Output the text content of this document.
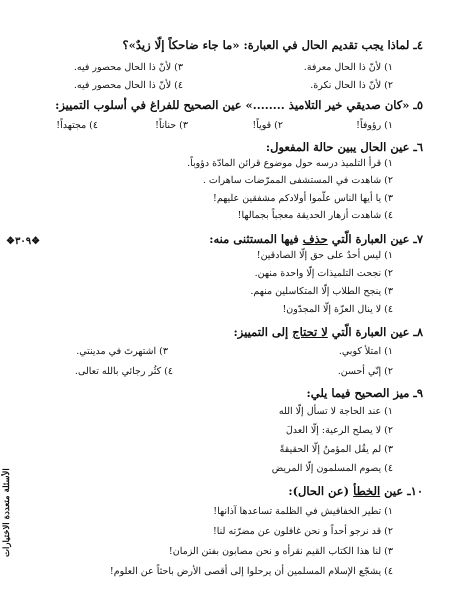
❖٣٠٩❖
الأسئلة متعددة الاختيارات
٤ـ لماذا يجب تقديم الحال في العبارة: «ما جاء ضاحكاً إلّا زيدٌ»؟
١) لأنّ ذا الحال معرفة.
٢) لأنّ ذا الحال نكرة.
٣) لأنّ ذا الحال محصور فيه.
٤) لأنّ ذا الحال محصور فيه.
٥ـ «كان صديقي خير التلاميذ ........» عين الصحيح للفراغ في أسلوب التمييز:
١) رؤوفاً!
٢) قوياً!
٣) حناناً!
٤) مجتهداً!
٦ـ عين الحال يبين حالة المفعول:
١) قرأ التلميذ درسه حول موضوع قرائن المادّة دؤوباً.
٢) شاهدت في المستشفى الممرّضات ساهرات .
٣) يا أيها الناس علّموا أولادكم مشفقين عليهم!
٤) شاهدت أزهار الحديقة معجباً بجمالها!
٧ـ عين العبارة الّتي حذف فيها المستثنى منه:
١) ليس أحدٌ على حق إلّا الصادقين!
٢) نجحت التلميذات إلّا واحدة منهن.
٣) ينجح الطلاب إلّا المتكاسلين منهم.
٤) لا ينال العزّة إلّا المجدّون!
٨ـ عين العبارة الّتي لا تحتاج إلى التمييز:
١) امتلأ كوبي.
٢) إنّي أحسن.
٣) اشتهرتَ في مدينتي.
٤) كثُر رجائي بالله تعالى.
٩ـ ميز الصحيح فيما يلي:
١) عند الحاجة لا تسأل إلّا الله
٢) لا يصلح الرعية: إلّا العدلَ
٣) لم يقُل المؤمنُ إلّا الحقيقةً
٤) يصوم المسلمون إلّا المريض
١٠ـ عين الخطأ (عن الحال):
١) تطير الخفافيش في الظلمة تساعدها آذانها!
٢) قد نرجو أحداً و نحن غافلون عن مضرّته لنا!
٣) لنا هذا الكتاب القيم نقرأه و نحن مصابون بفتن الزمان!
٤) يشجّع الإسلام المسلمين أن يرحلوا إلى أقصى الأرض باحثاً عن العلوم!
